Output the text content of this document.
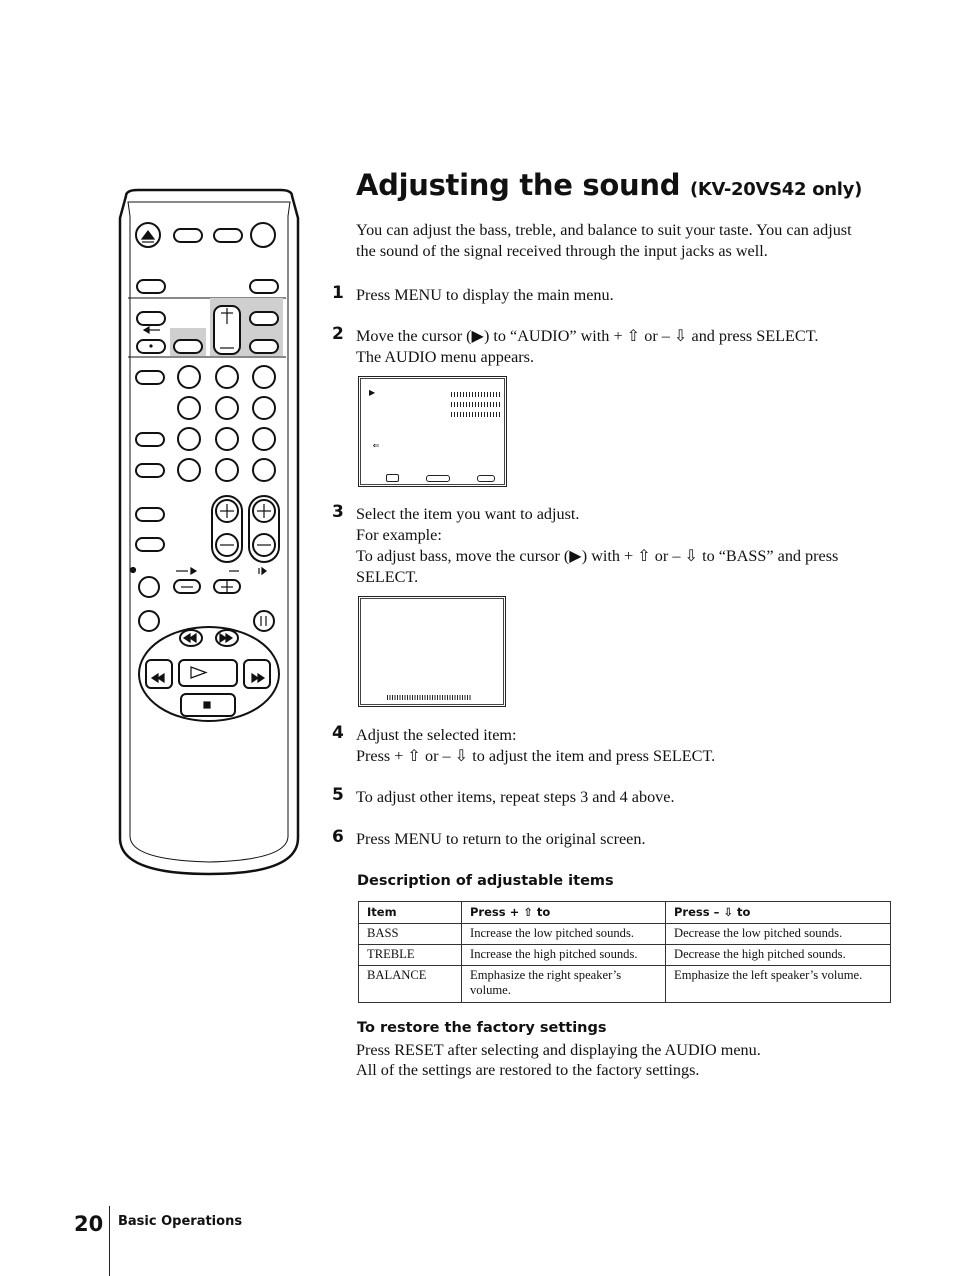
Adjusting the sound (KV-20VS42 only)

You can adjust the bass, treble, and balance to suit your taste. You can adjust the sound of the signal received through the input jacks as well.

1 Press MENU to display the main menu.
2 Move the cursor (▶) to “AUDIO” with + ⇧ or – ⇩ and press SELECT.
The AUDIO menu appears.
▶
⇑
3 Select the item you want to adjust.
For example:
To adjust bass, move the cursor (▶) with + ⇧ or – ⇩ to “BASS” and press
SELECT.
4 Adjust the selected item:
Press + ⇧ or – ⇩ to adjust the item and press SELECT.
5 To adjust other items, repeat steps 3 and 4 above.
6 Press MENU to return to the original screen.
Description of adjustable items
Item	Press + ⇧ to	Press – ⇩ to
BASS	Increase the low pitched sounds.	Decrease the low pitched sounds.
TREBLE	Increase the high pitched sounds.	Decrease the high pitched sounds.
BALANCE	Emphasize the right speaker’s volume.	Emphasize the left speaker’s volume.
To restore the factory settings

Press RESET after selecting and displaying the AUDIO menu.

All of the settings are restored to the factory settings.

20 Basic Operations
